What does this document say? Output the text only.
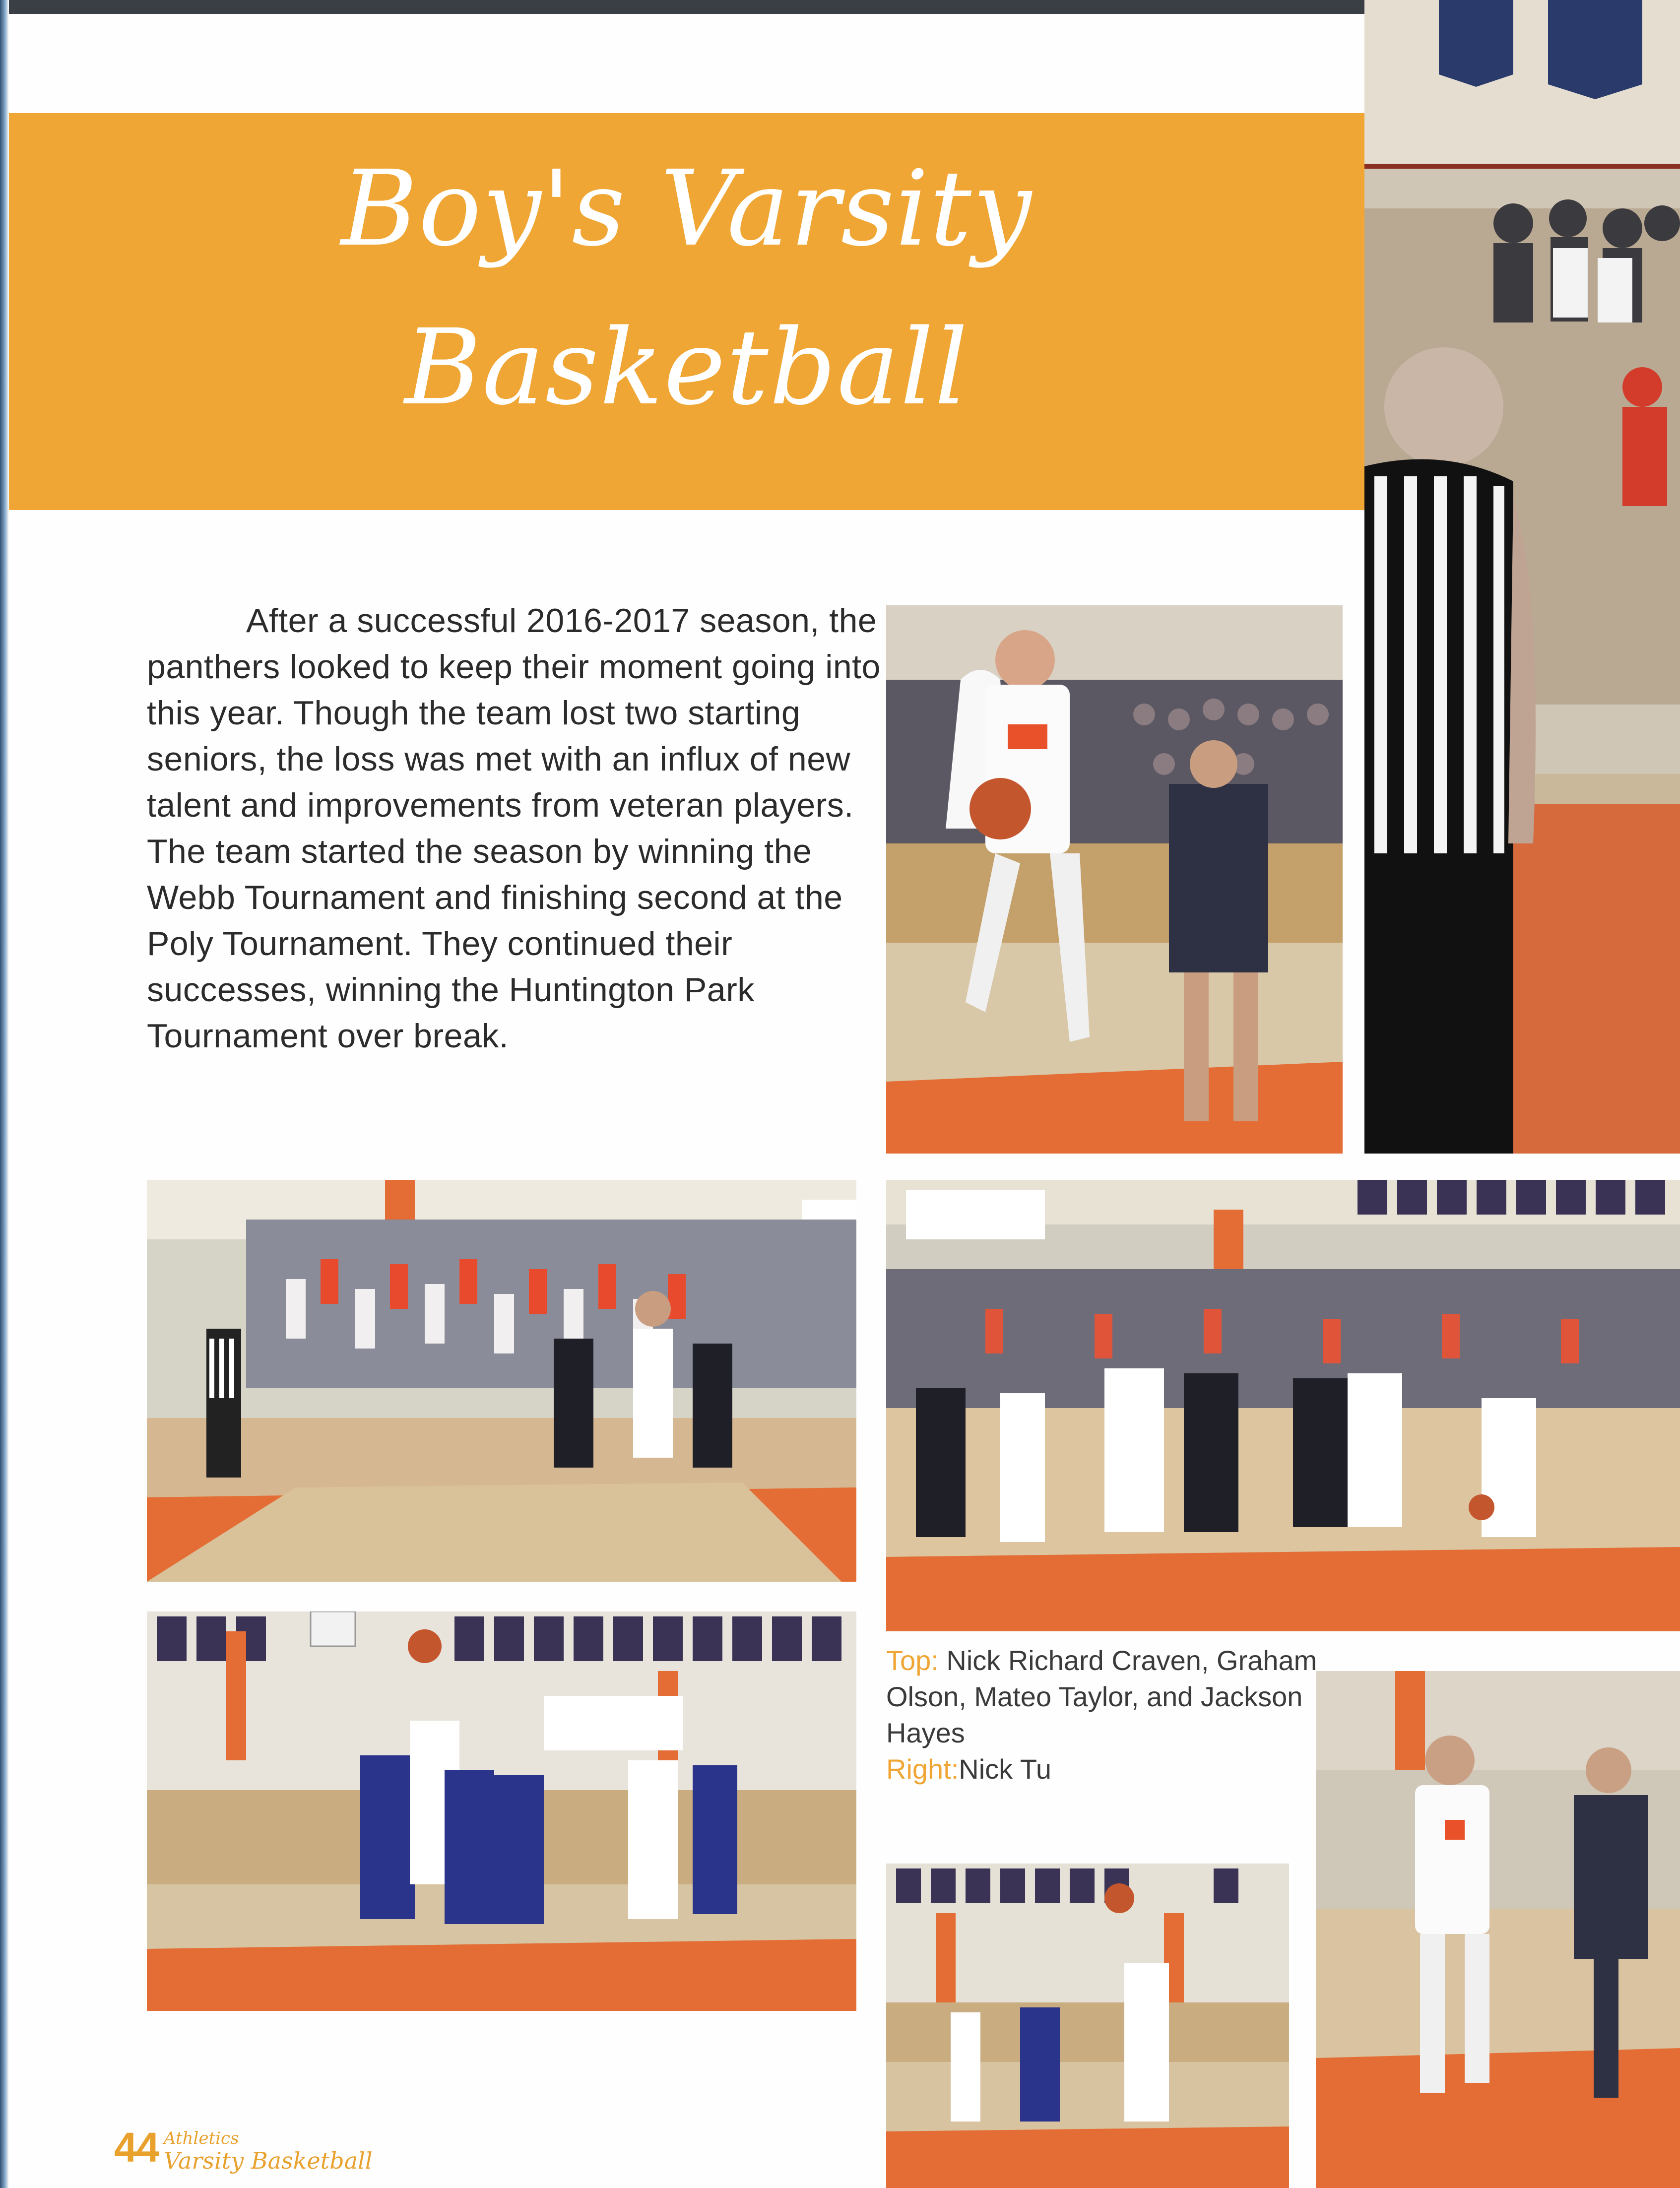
Boy's Varsity
Basketball

After a successful 2016-2017 season, the panthers looked to keep their moment going into this year. Though the team lost two starting seniors, the loss was met with an influx of new talent and improvements from veteran players. The team started the season by winning the Webb Tournament and finishing second at the Poly Tournament. They continued their successes, winning the Huntington Park Tournament over break.

Top: Nick Richard Craven, Graham Olson, Mateo Taylor, and Jackson Hayes
Right:Nick Tu

44 Athletics
Varsity Basketball
